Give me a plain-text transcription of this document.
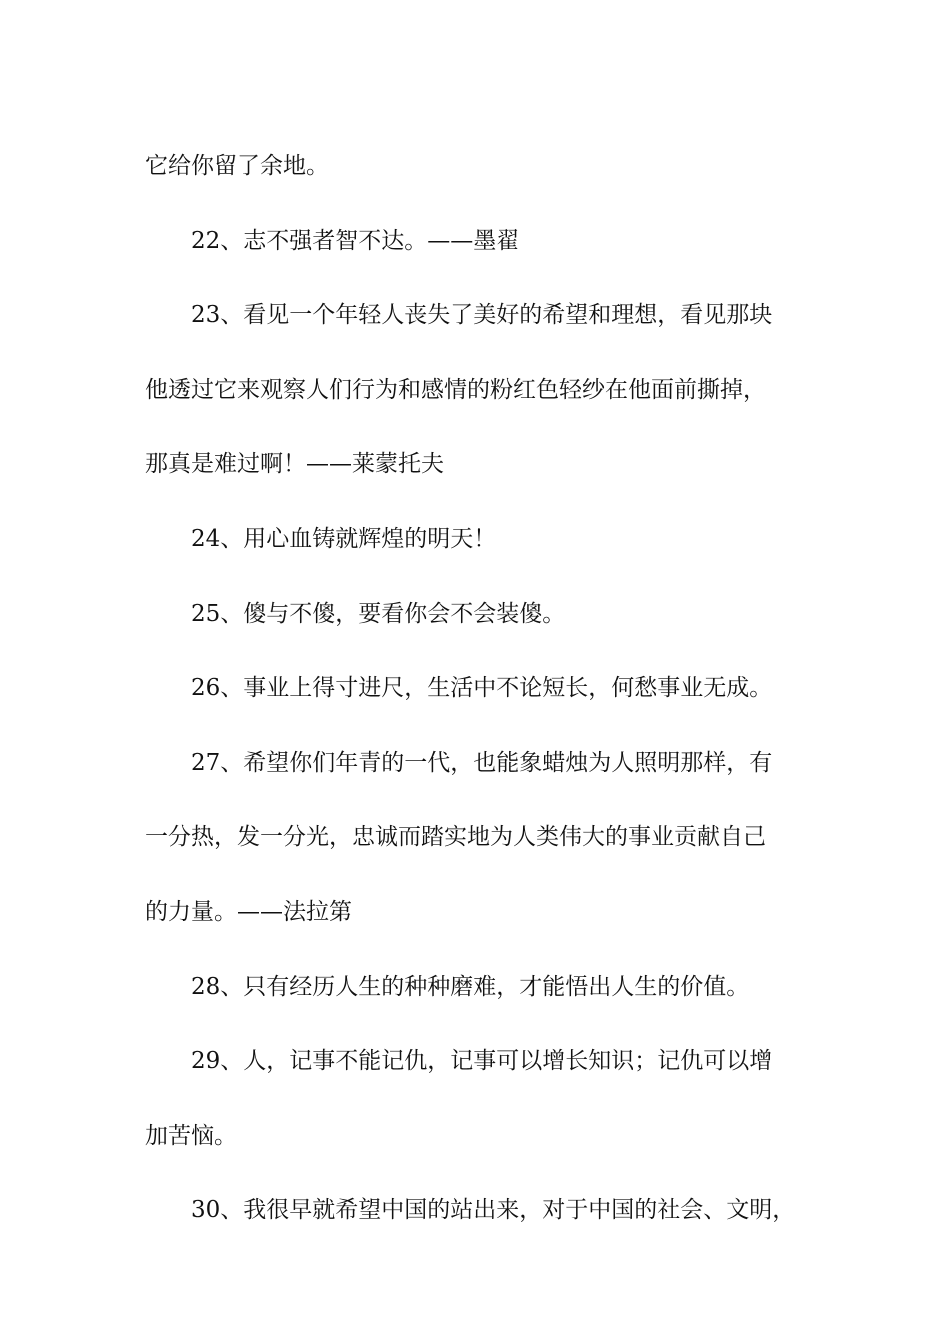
它给你留了余地。
22、志不强者智不达。——墨翟
23、看见一个年轻人丧失了美好的希望和理想，看见那块
他透过它来观察人们行为和感情的粉红色轻纱在他面前撕掉，
那真是难过啊！——莱蒙托夫
24、用心血铸就辉煌的明天！
25、傻与不傻，要看你会不会装傻。
26、事业上得寸进尺，生活中不论短长，何愁事业无成。
27、希望你们年青的一代，也能象蜡烛为人照明那样，有
一分热，发一分光，忠诚而踏实地为人类伟大的事业贡献自己
的力量。——法拉第
28、只有经历人生的种种磨难，才能悟出人生的价值。
29、人，记事不能记仇，记事可以增长知识；记仇可以增
加苦恼。
30、我很早就希望中国的站出来，对于中国的社会、文明，
